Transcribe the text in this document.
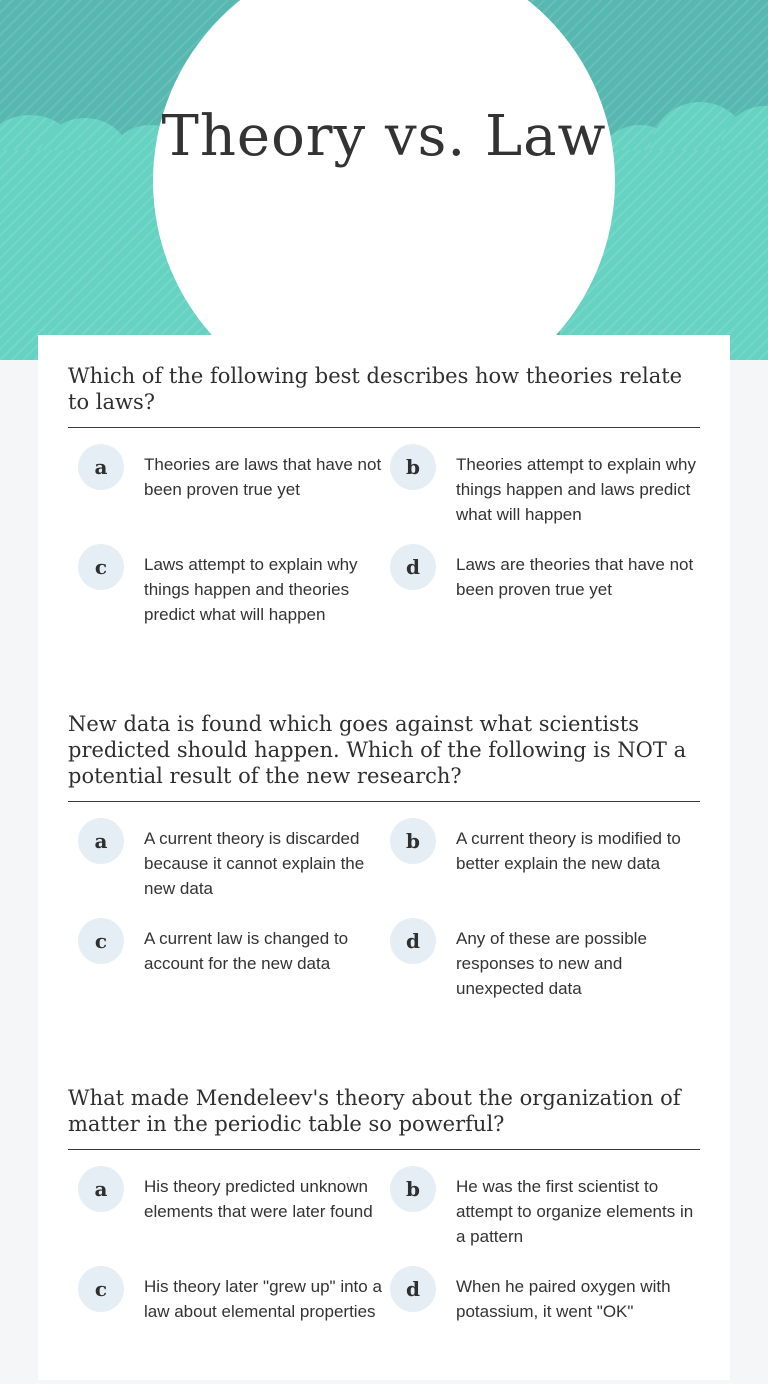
Theory vs. Law

Which of the following best describes how theories relate to laws?

a	Theories are laws that have not been proven true yet
b	Theories attempt to explain why things happen and laws predict what will happen
c	Laws attempt to explain why things happen and theories predict what will happen
d	Laws are theories that have not been proven true yet

New data is found which goes against what scientists predicted should happen. Which of the following is NOT a potential result of the new research?

a	A current theory is discarded because it cannot explain the new data
b	A current theory is modified to better explain the new data
c	A current law is changed to account for the new data
d	Any of these are possible responses to new and unexpected data

What made Mendeleev's theory about the organization of matter in the periodic table so powerful?

a	His theory predicted unknown elements that were later found
b	He was the first scientist to attempt to organize elements in a pattern
c	His theory later "grew up" into a law about elemental properties
d	When he paired oxygen with potassium, it went "OK"
